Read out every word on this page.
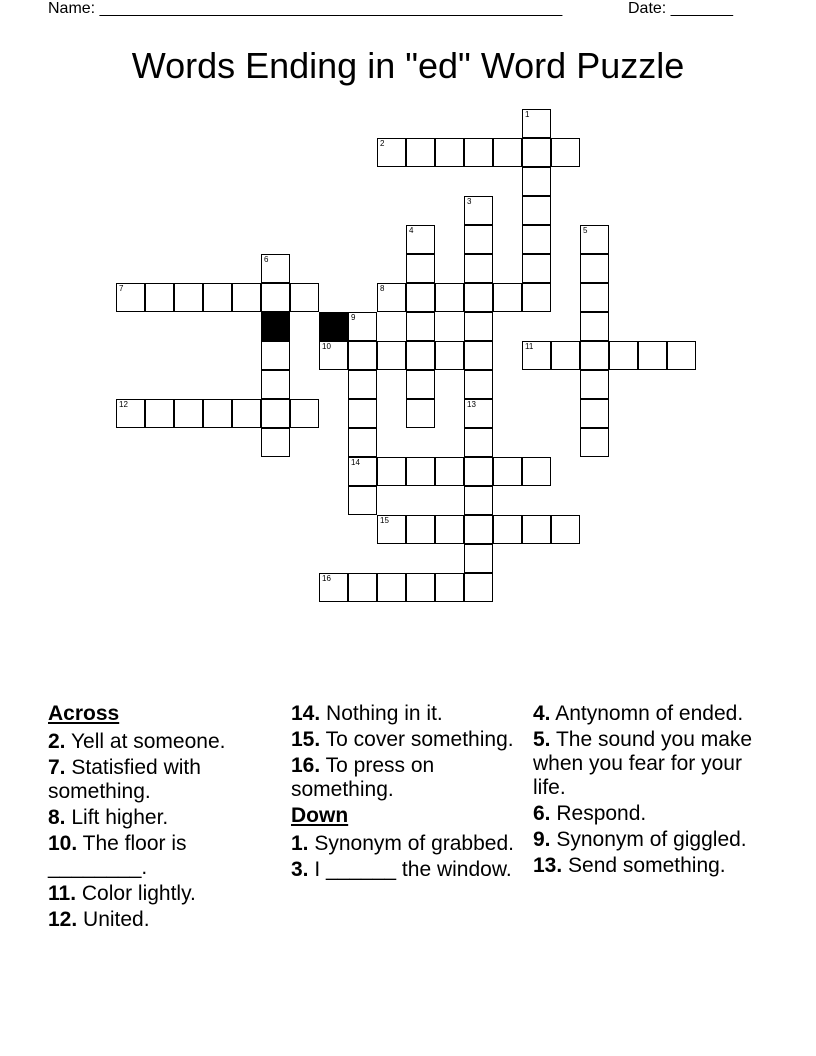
Name: ____________________________________________________	Date: _______
Words Ending in "ed" Word Puzzle
2
7	8
10	11
12
14
15
16
1
3
13
4	5
6
9
Across
2. Yell at someone.
7. Statisfied with something.
8. Lift higher.
10. The floor is ________.
11. Color lightly.
12. United.
14. Nothing in it.
15. To cover something.
16. To press on something.
Down
1. Synonym of grabbed.
3. I ______ the window.
4. Antynomn of ended.
5. The sound you make when you fear for your life.
6. Respond.
9. Synonym of giggled.
13. Send something.
